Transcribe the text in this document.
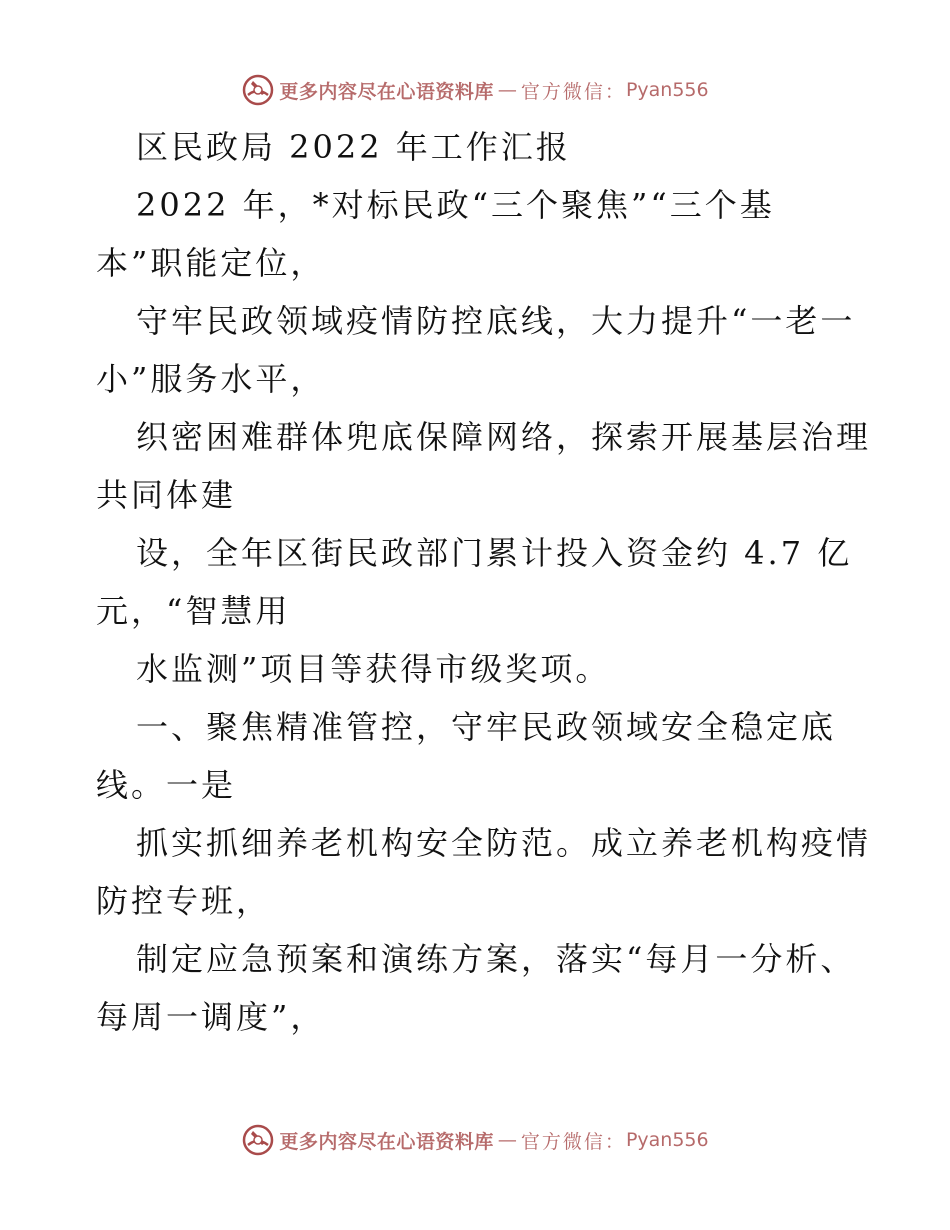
更多内容尽在心语资料库 — 官方微信： Pyan556
区民政局 2022 年工作汇报
2022 年，*对标民政“三个聚焦”“三个基
本”职能定位，
守牢民政领域疫情防控底线，大力提升“一老一
小”服务水平，
织密困难群体兜底保障网络，探索开展基层治理
共同体建
设，全年区街民政部门累计投入资金约 4.7 亿
元，“智慧用
水监测”项目等获得市级奖项。
一、聚焦精准管控，守牢民政领域安全稳定底
线。一是
抓实抓细养老机构安全防范。成立养老机构疫情
防控专班，
制定应急预案和演练方案，落实“每月一分析、
每周一调度”，
更多内容尽在心语资料库 — 官方微信： Pyan556
